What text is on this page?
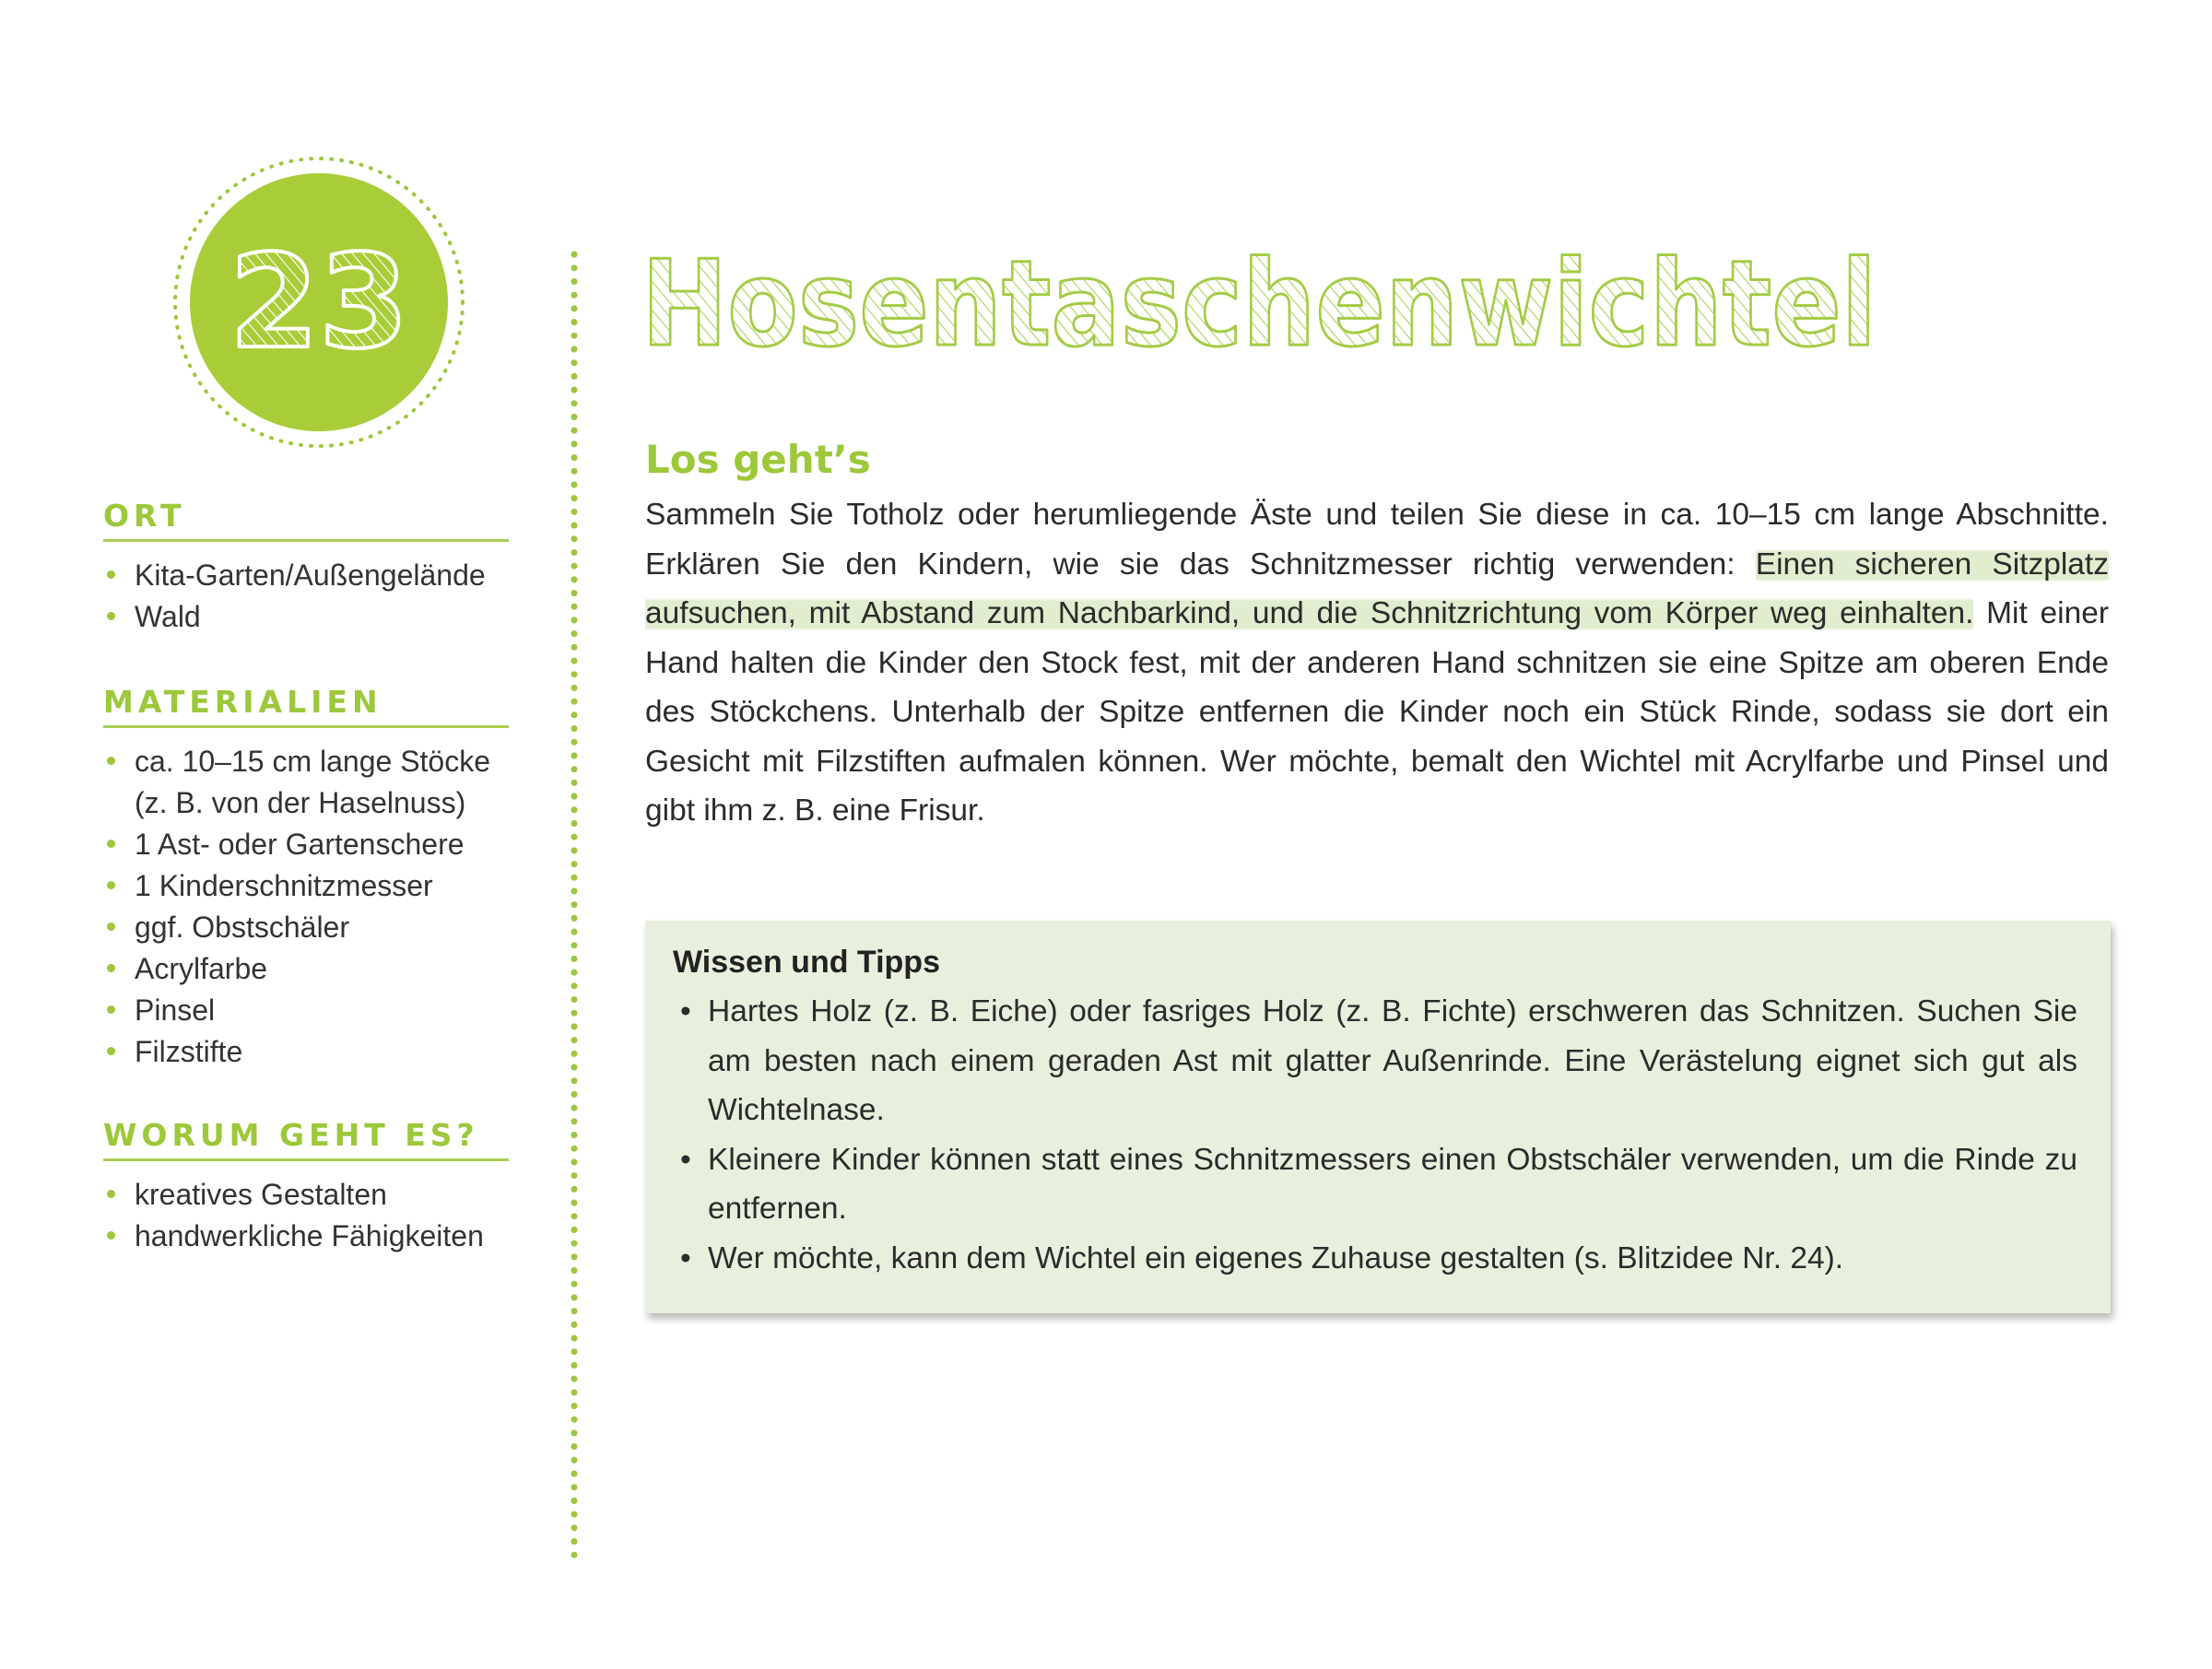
23
ORT
Kita-Garten/Außengelände
Wald
MATERIALIEN
ca. 10–15 cm lange Stöcke
(z. B. von der Haselnuss)
1 Ast- oder Gartenschere
1 Kinderschnitzmesser
ggf. Obstschäler
Acrylfarbe
Pinsel
Filzstifte
WORUM GEHT ES?
kreatives Gestalten
handwerkliche Fähigkeiten
Hosentaschenwichtel
Los geht’s

Sammeln Sie Totholz oder herumliegende Äste und teilen Sie diese in ca. 10–15 cm lange Abschnitte. Erklären Sie den Kindern, wie sie das Schnitzmesser richtig verwenden: Einen sicheren Sitzplatz aufsuchen, mit Abstand zum Nachbarkind, und die Schnitzrichtung vom Körper weg einhalten. Mit einer Hand halten die Kinder den Stock fest, mit der anderen Hand schnitzen sie eine Spitze am oberen Ende des Stöckchens. Unterhalb der Spitze entfernen die Kinder noch ein Stück Rinde, sodass sie dort ein Gesicht mit Filzstiften aufmalen können. Wer möchte, bemalt den Wichtel mit Acrylfarbe und Pinsel und gibt ihm z. B. eine Frisur.

Wissen und Tipps
• Hartes Holz (z. B. Eiche) oder fasriges Holz (z. B. Fichte) erschweren das Schnitzen. Suchen Sie am besten nach einem geraden Ast mit glatter Außenrinde. Eine Verästelung eignet sich gut als Wichtelnase.
• Kleinere Kinder können statt eines Schnitzmessers einen Obstschäler verwenden, um die Rinde zu entfernen.
• Wer möchte, kann dem Wichtel ein eigenes Zuhause gestalten (s. Blitzidee Nr. 24).
